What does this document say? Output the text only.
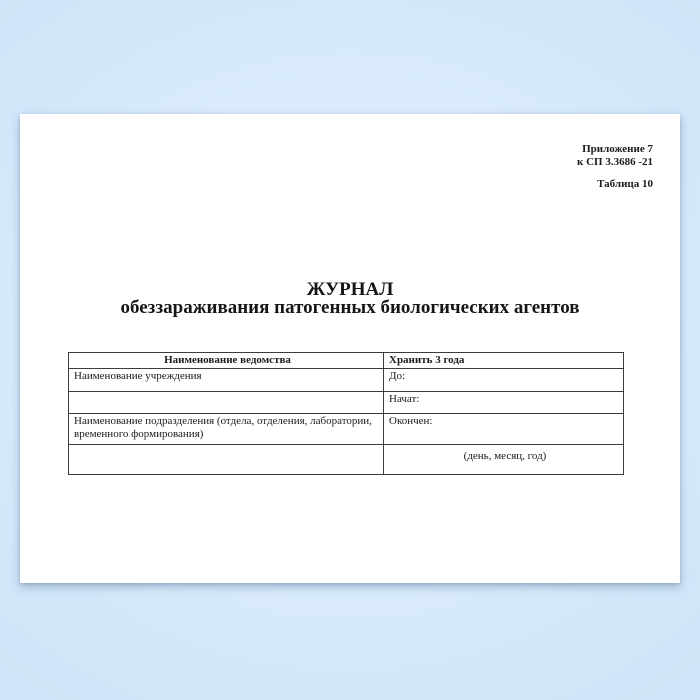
Приложение 7
к СП 3.3686 -21
Таблица 10
ЖУРНАЛ
обеззараживания патогенных биологических агентов
Наименование ведомства	Хранить 3 года
Наименование учреждения	До:
	Начат:
Наименование подразделения (отдела, отделения, лаборатории, временного формирования)	Окончен:
	(день, месяц, год)
